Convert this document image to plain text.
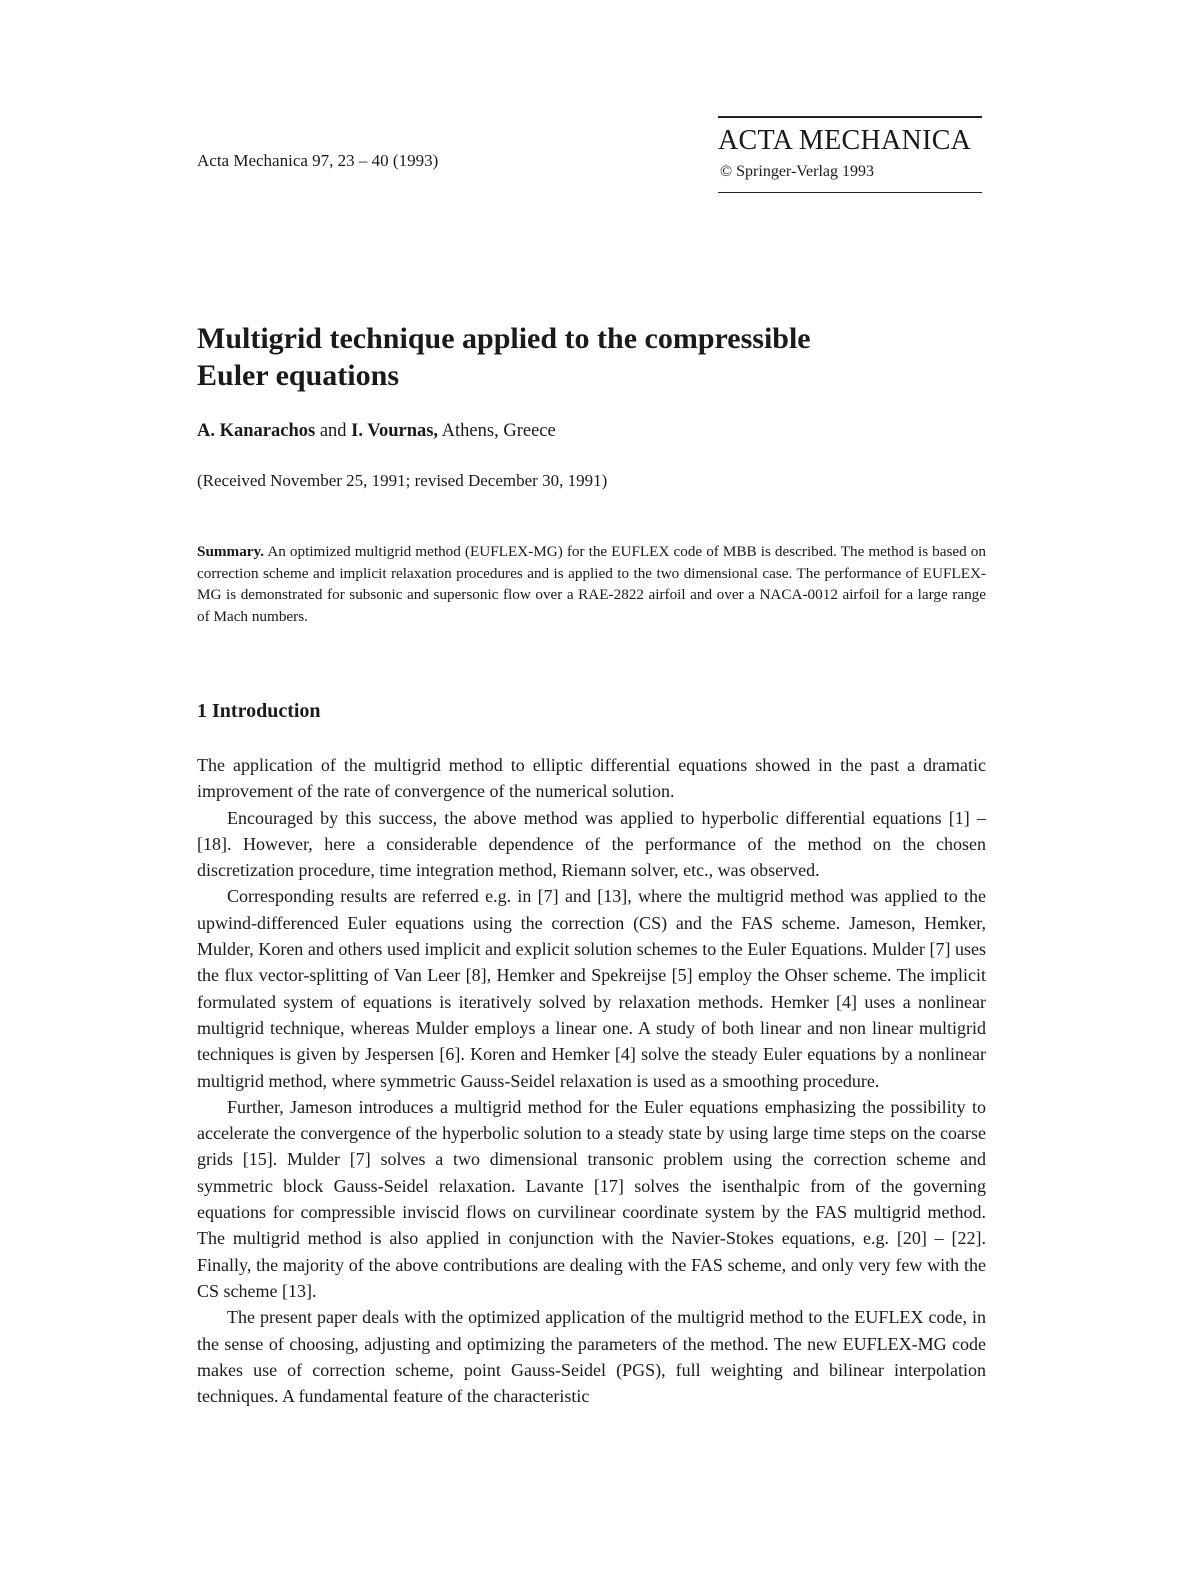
Acta Mechanica 97, 23 – 40 (1993)
ACTA MECHANICA
© Springer-Verlag 1993
Multigrid technique applied to the compressible
Euler equations
A. Kanarachos and I. Vournas, Athens, Greece
(Received November 25, 1991; revised December 30, 1991)
Summary. An optimized multigrid method (EUFLEX-MG) for the EUFLEX code of MBB is described. The method is based on correction scheme and implicit relaxation procedures and is applied to the two dimensional case. The performance of EUFLEX-MG is demonstrated for subsonic and supersonic flow over a RAE-2822 airfoil and over a NACA-0012 airfoil for a large range of Mach numbers.
1 Introduction

The application of the multigrid method to elliptic differential equations showed in the past a dramatic improvement of the rate of convergence of the numerical solution.

Encouraged by this success, the above method was applied to hyperbolic differential equations [1] – [18]. However, here a considerable dependence of the performance of the method on the chosen discretization procedure, time integration method, Riemann solver, etc., was observed.

Corresponding results are referred e.g. in [7] and [13], where the multigrid method was applied to the upwind-differenced Euler equations using the correction (CS) and the FAS scheme. Jameson, Hemker, Mulder, Koren and others used implicit and explicit solution schemes to the Euler Equations. Mulder [7] uses the flux vector-splitting of Van Leer [8], Hemker and Spekreijse [5] employ the Ohser scheme. The implicit formulated system of equations is iteratively solved by relaxation methods. Hemker [4] uses a nonlinear multigrid technique, whereas Mulder employs a linear one. A study of both linear and non linear multigrid techniques is given by Jespersen [6]. Koren and Hemker [4] solve the steady Euler equations by a nonlinear multigrid method, where symmetric Gauss-Seidel relaxation is used as a smoothing procedure.

Further, Jameson introduces a multigrid method for the Euler equations emphasizing the possibility to accelerate the convergence of the hyperbolic solution to a steady state by using large time steps on the coarse grids [15]. Mulder [7] solves a two dimensional transonic problem using the correction scheme and symmetric block Gauss-Seidel relaxation. Lavante [17] solves the isenthalpic from of the governing equations for compressible inviscid flows on curvilinear coordinate system by the FAS multigrid method. The multigrid method is also applied in conjunction with the Navier-Stokes equations, e.g. [20] – [22]. Finally, the majority of the above contributions are dealing with the FAS scheme, and only very few with the CS scheme [13].

The present paper deals with the optimized application of the multigrid method to the EUFLEX code, in the sense of choosing, adjusting and optimizing the parameters of the method. The new EUFLEX-MG code makes use of correction scheme, point Gauss-Seidel (PGS), full weighting and bilinear interpolation techniques. A fundamental feature of the characteristic
